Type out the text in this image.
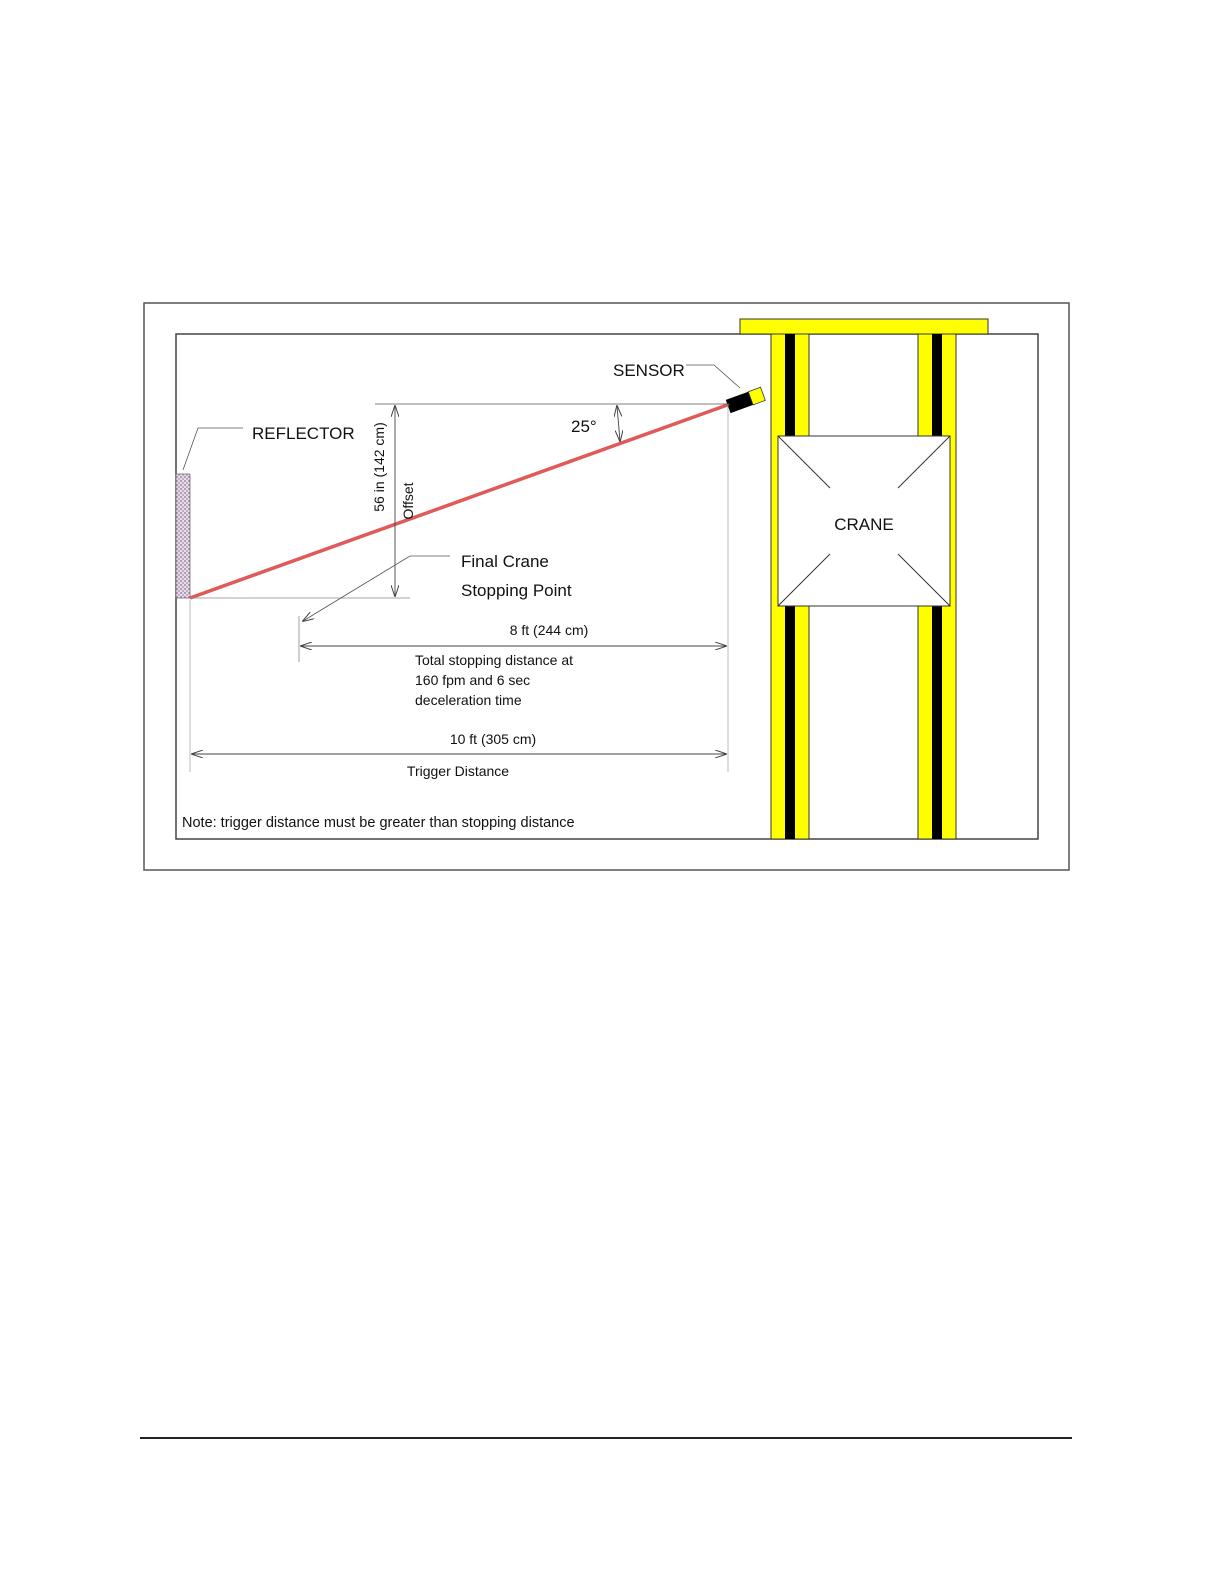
CRANE
SENSOR
REFLECTOR 56 in (142 cm) Offset
25°
Final Crane
Stopping Point
8 ft (244 cm)
Total stopping distance at
160 fpm and 6 sec
deceleration time
10 ft (305 cm)
Trigger Distance
Note: trigger distance must be greater than stopping distance
